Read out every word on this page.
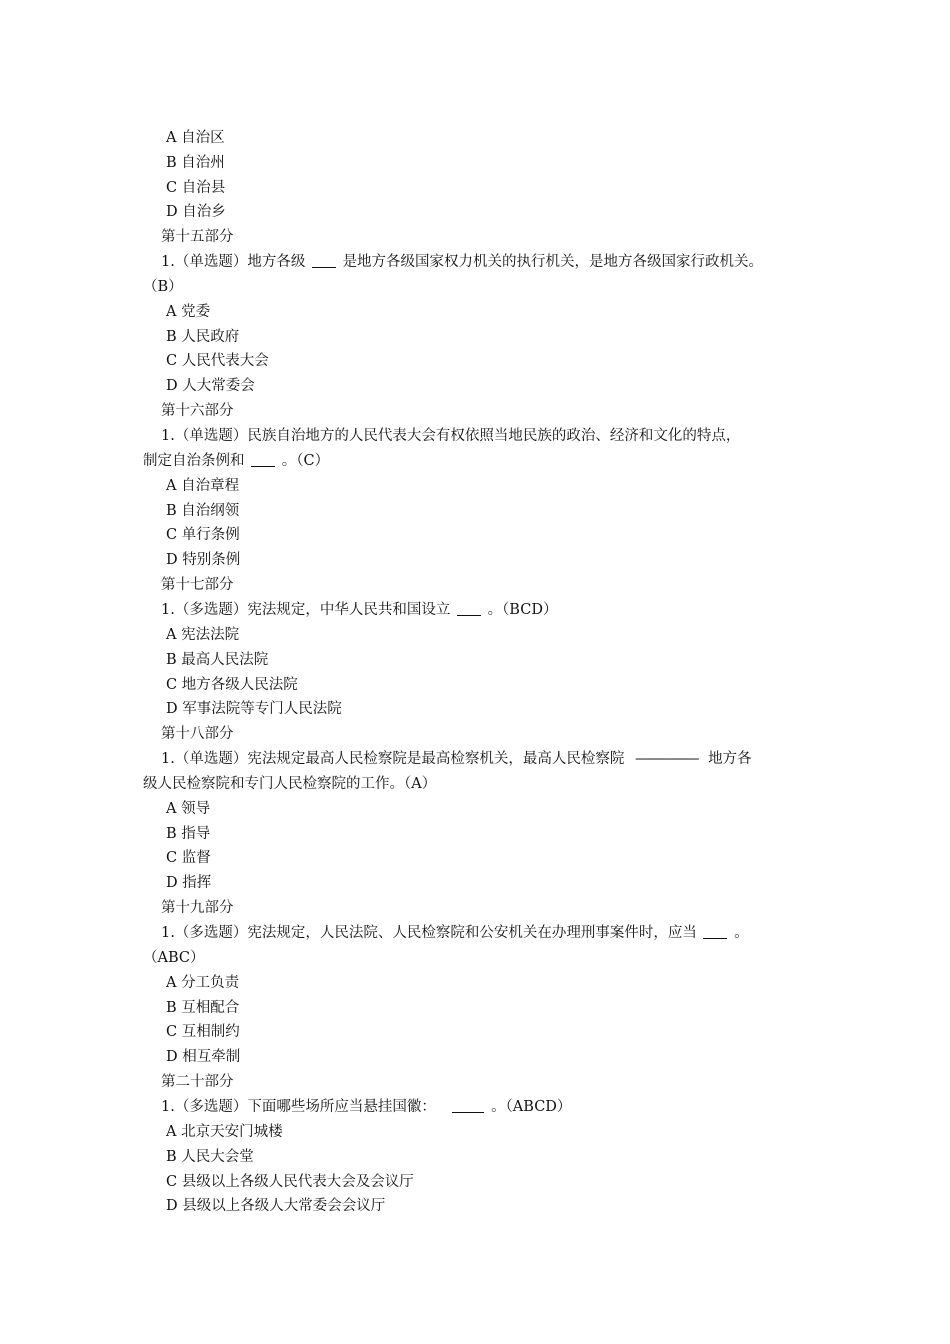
A 自治区
B 自治州
C 自治县
D 自治乡
第十五部分
1.（单选题）地方各级	是地方各级国家权力机关的执行机关，是地方各级国家行政机关。
（B）
A 党委
B 人民政府
C 人民代表大会
D 人大常委会
第十六部分
1.（单选题）民族自治地方的人民代表大会有权依照当地民族的政治、经济和文化的特点，
制定自治条例和	。（C）
A 自治章程
B 自治纲领
C 单行条例
D 特别条例
第十七部分
1.（多选题）宪法规定，中华人民共和国设立	。（BCD）
A 宪法法院
B 最高人民法院
C 地方各级人民法院
D 军事法院等专门人民法院
第十八部分
1.（单选题）宪法规定最高人民检察院是最高检察机关，最高人民检察院 ————— 地方各
级人民检察院和专门人民检察院的工作。（A）
A 领导
B 指导
C 监督
D 指挥
第十九部分
1.（多选题）宪法规定，人民法院、人民检察院和公安机关在办理刑事案件时，应当	。
（ABC）
A 分工负责
B 互相配合
C 互相制约
D 相互牵制
第二十部分
1.（多选题）下面哪些场所应当悬挂国徽：	。（ABCD）
A 北京天安门城楼
B 人民大会堂
C 县级以上各级人民代表大会及会议厅
D 县级以上各级人大常委会会议厅
